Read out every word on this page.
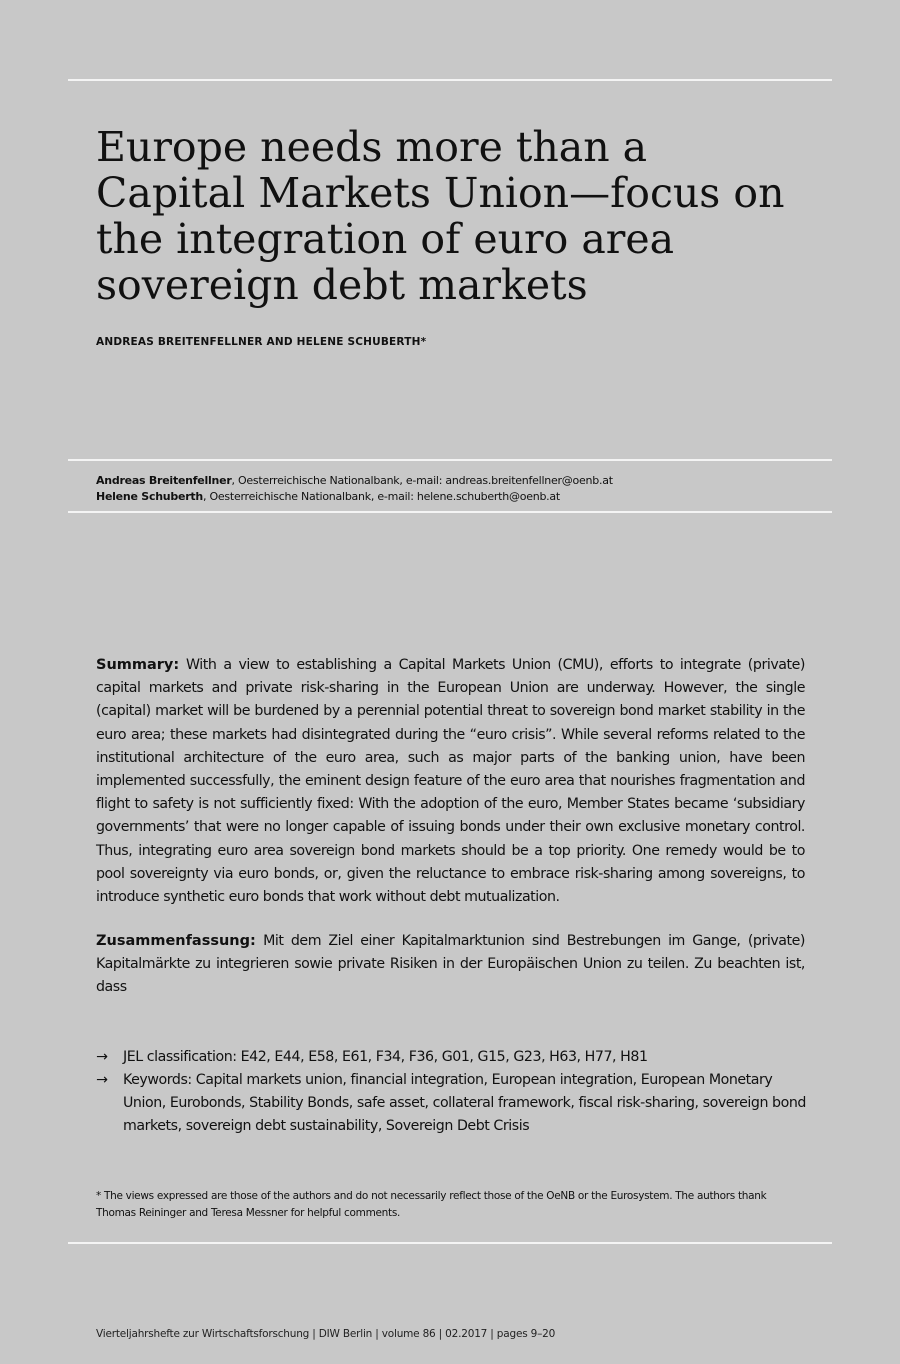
Europe needs more than a Capital Markets Union—focus on the integration of euro area sovereign debt markets
ANDREAS BREITENFELLNER AND HELENE SCHUBERTH*
Andreas Breitenfellner, Oesterreichische Nationalbank, e-mail: andreas.breitenfellner@oenb.at
Helene Schuberth, Oesterreichische Nationalbank, e-mail: helene.schuberth@oenb.at

Summary: With a view to establishing a Capital Markets Union (CMU), efforts to integrate (private) capital markets and private risk-sharing in the European Union are underway. However, the single (capital) market will be burdened by a perennial potential threat to sovereign bond market stability in the euro area; these markets had disintegrated during the “euro crisis”. While several reforms related to the institutional architecture of the euro area, such as major parts of the banking union, have been implemented successfully, the eminent design feature of the euro area that nourishes fragmentation and flight to safety is not sufficiently fixed: With the adoption of the euro, Member States became ‘subsidiary governments’ that were no longer capable of issuing bonds under their own exclusive monetary control. Thus, integrating euro area sovereign bond markets should be a top priority. One remedy would be to pool sovereignty via euro bonds, or, given the reluctance to embrace risk-sharing among sovereigns, to introduce synthetic euro bonds that work without debt mutualization.

Zusammenfassung: Mit dem Ziel einer Kapitalmarktunion sind Bestrebungen im Gange, (private) Kapitalmärkte zu integrieren sowie private Risiken in der Europäischen Union zu teilen. Zu beachten ist, dass

→ JEL classification: E42, E44, E58, E61, F34, F36, G01, G15, G23, H63, H77, H81
→ Keywords: Capital markets union, financial integration, European integration, European Monetary Union, Eurobonds, Stability Bonds, safe asset, collateral framework, fiscal risk-sharing, sovereign bond markets, sovereign debt sustainability, Sovereign Debt Crisis
* The views expressed are those of the authors and do not necessarily reflect those of the OeNB or the Eurosystem. The authors thank Thomas Reininger and Teresa Messner for helpful comments.
Vierteljahrshefte zur Wirtschaftsforschung | DIW Berlin | volume 86 | 02.2017 | pages 9–20
